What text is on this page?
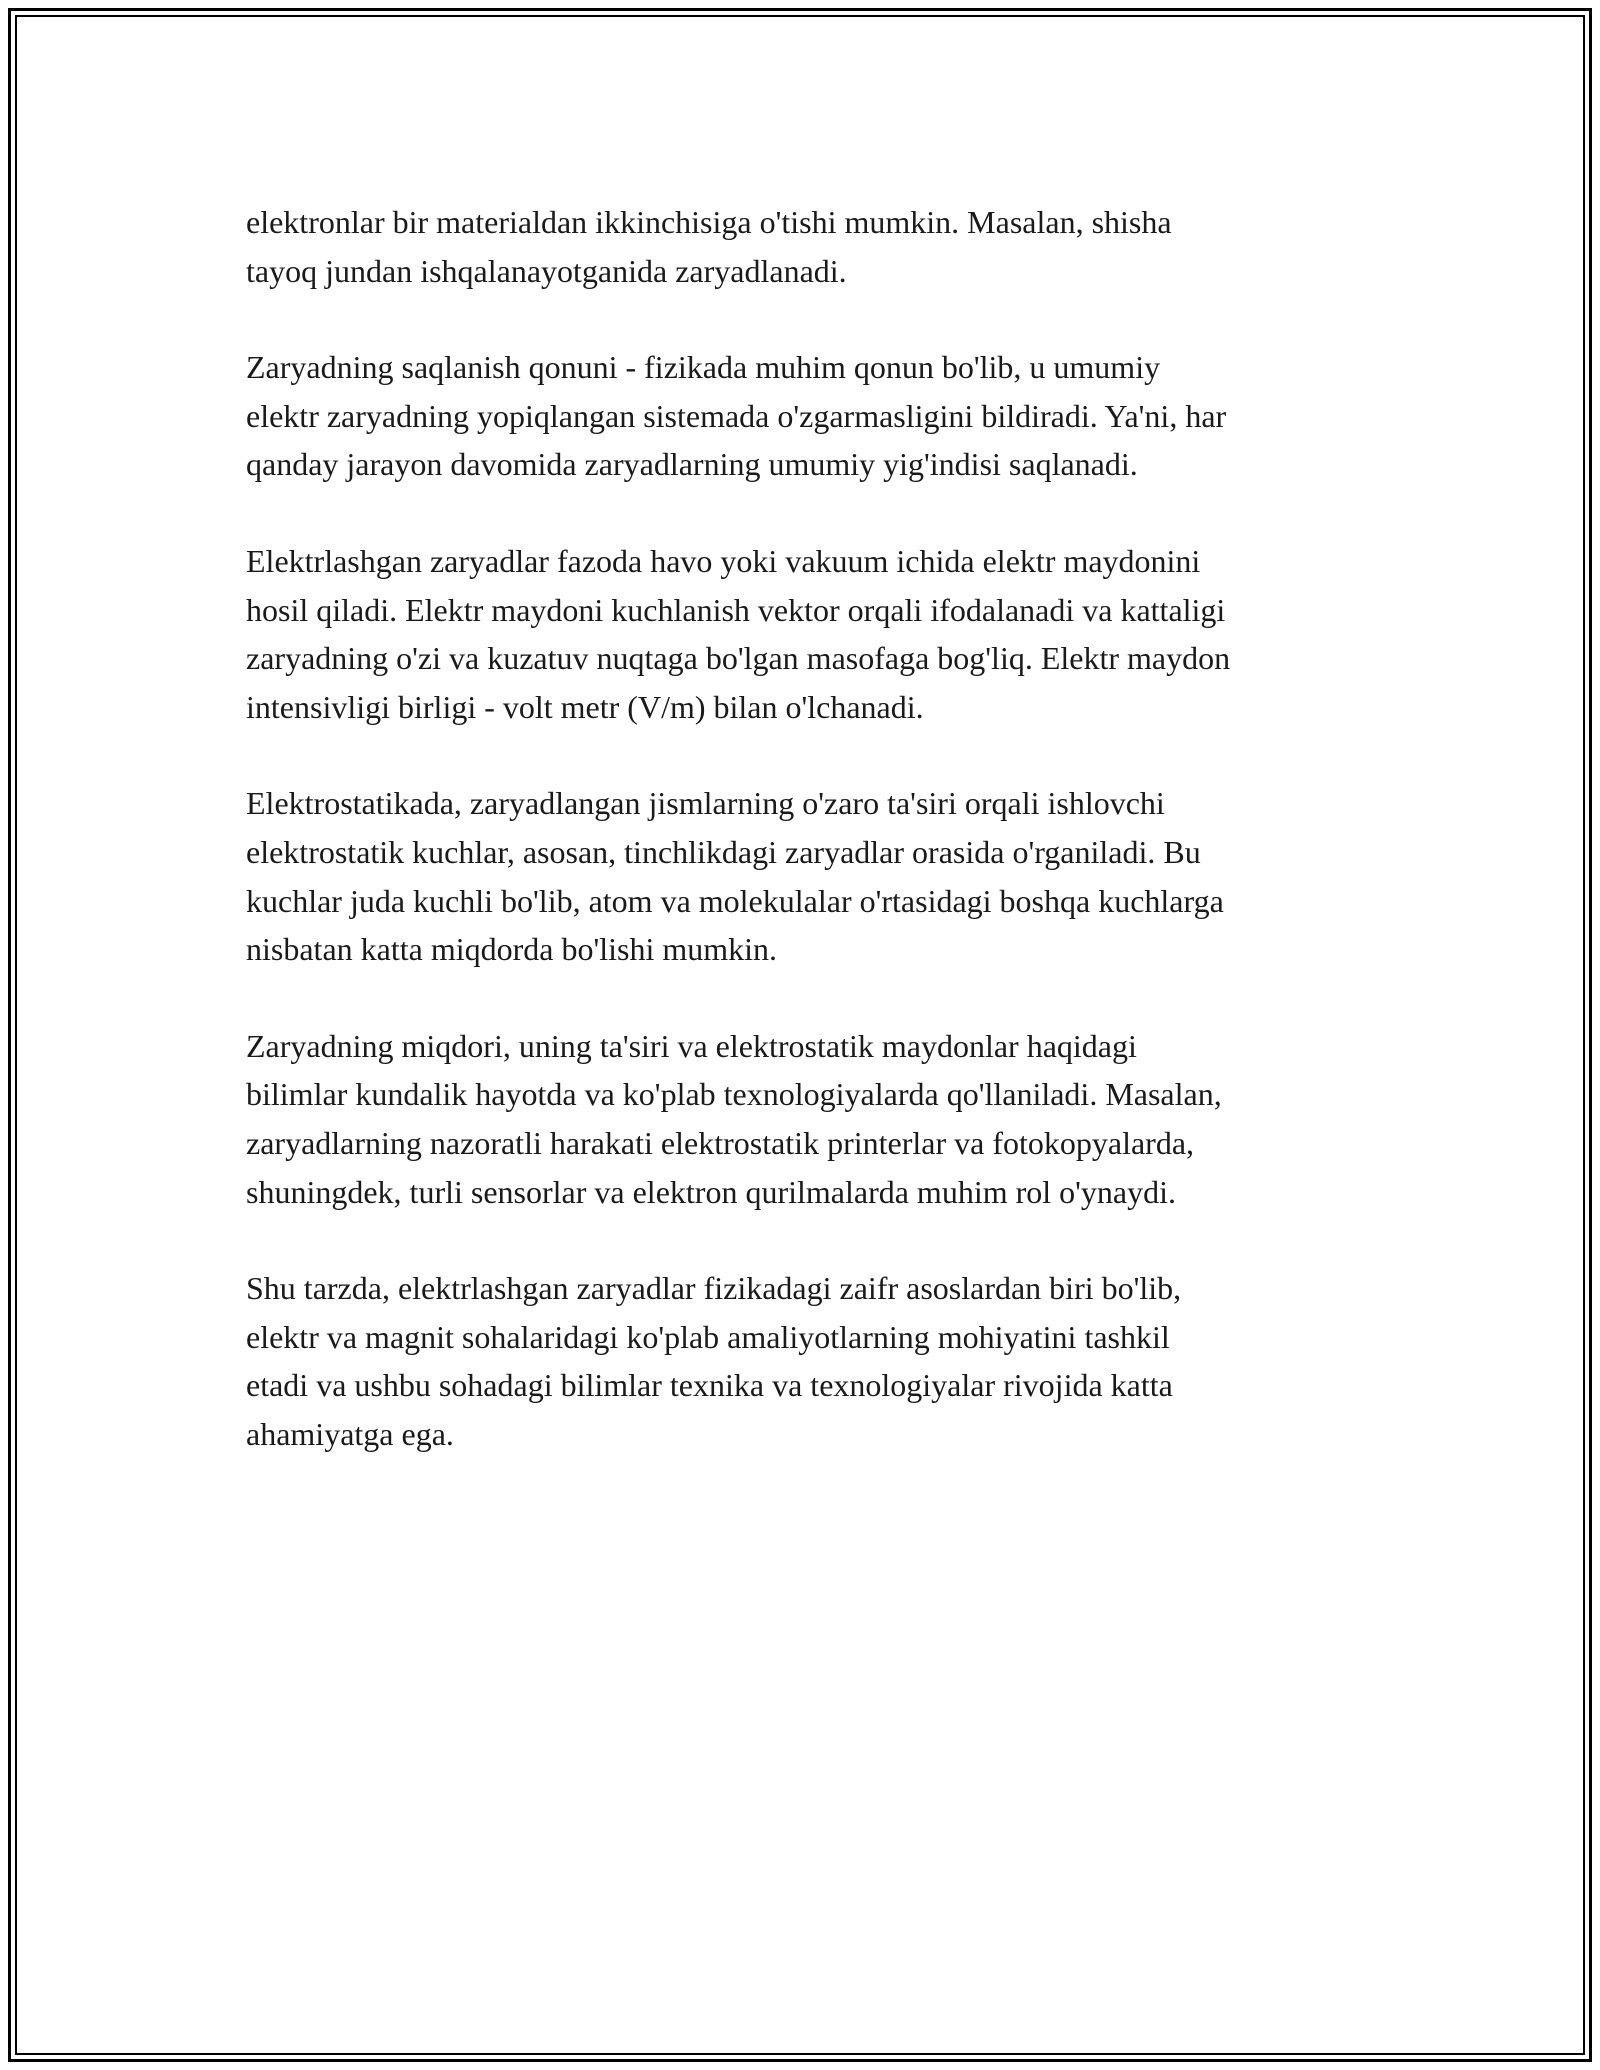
elektronlar bir materialdan ikkinchisiga o'tishi mumkin. Masalan, shisha
tayoq jundan ishqalanayotganida zaryadlanadi.

Zaryadning saqlanish qonuni - fizikada muhim qonun bo'lib, u umumiy
elektr zaryadning yopiqlangan sistemada o'zgarmasligini bildiradi. Ya'ni, har
qanday jarayon davomida zaryadlarning umumiy yig'indisi saqlanadi.

Elektrlashgan zaryadlar fazoda havo yoki vakuum ichida elektr maydonini
hosil qiladi. Elektr maydoni kuchlanish vektor orqali ifodalanadi va kattaligi
zaryadning o'zi va kuzatuv nuqtaga bo'lgan masofaga bog'liq. Elektr maydon
intensivligi birligi - volt metr (V/m) bilan o'lchanadi.

Elektrostatikada, zaryadlangan jismlarning o'zaro ta'siri orqali ishlovchi
elektrostatik kuchlar, asosan, tinchlikdagi zaryadlar orasida o'rganiladi. Bu
kuchlar juda kuchli bo'lib, atom va molekulalar o'rtasidagi boshqa kuchlarga
nisbatan katta miqdorda bo'lishi mumkin.

Zaryadning miqdori, uning ta'siri va elektrostatik maydonlar haqidagi
bilimlar kundalik hayotda va ko'plab texnologiyalarda qo'llaniladi. Masalan,
zaryadlarning nazoratli harakati elektrostatik printerlar va fotokopyalarda,
shuningdek, turli sensorlar va elektron qurilmalarda muhim rol o'ynaydi.

Shu tarzda, elektrlashgan zaryadlar fizikadagi zaifr asoslardan biri bo'lib,
elektr va magnit sohalaridagi ko'plab amaliyotlarning mohiyatini tashkil
etadi va ushbu sohadagi bilimlar texnika va texnologiyalar rivojida katta
ahamiyatga ega.
